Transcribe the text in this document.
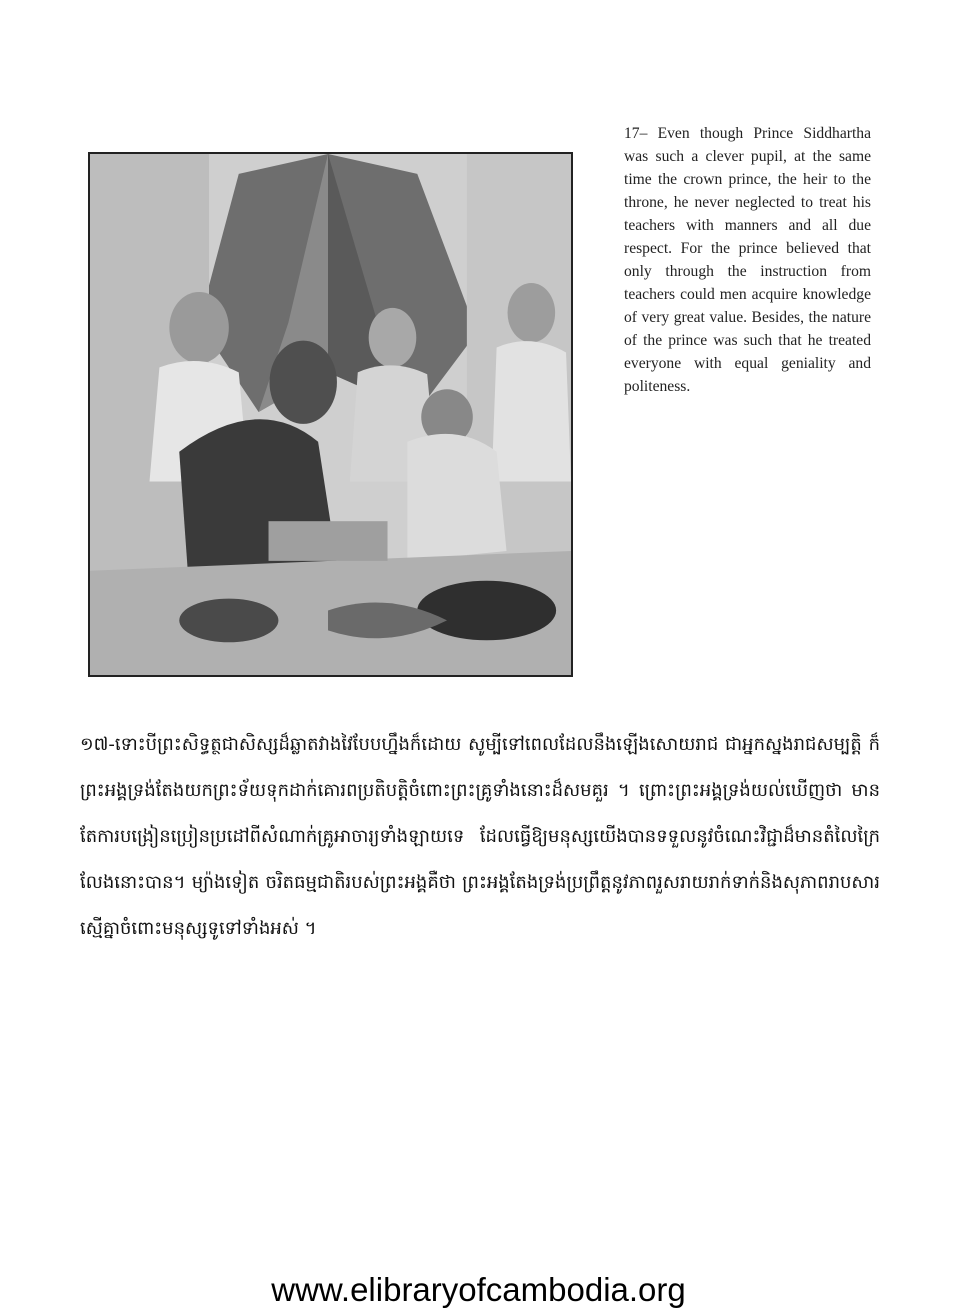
17– Even though Prince Siddhartha was such a clever pupil, at the same time the crown prince, the heir to the throne, he never neglected to treat his teachers with manners and all due respect. For the prince believed that only through the instruction from teachers could men acquire knowledge of very great value. Besides, the nature of the prince was such that he treated everyone with equal geniality and politeness.

១៧-ទោះបីព្រះសិទ្ធត្ថជាសិស្សដ៏ឆ្លាតវាងវៃបែបហ្នឹងក៏ដោយ សូម្បីទៅពេលដែលនឹងឡើងសោយរាជ ជាអ្នកស្នងរាជសម្បត្តិ ក៏ព្រះអង្គទ្រង់តែងយកព្រះទ័យទុកដាក់គោរពប្រតិបត្តិចំពោះព្រះគ្រូទាំងនោះដ៏សមគួរ ។ ព្រោះព្រះអង្គទ្រង់យល់ឃើញថា មានតែការបង្រៀនប្រៀនប្រដៅពីសំណាក់គ្រូអាចារ្យទាំងឡាយទេ ដែលធ្វើឱ្យមនុស្សយើងបានទទួលនូវចំណេះវិជ្ជាដ៏មានតំលៃក្រៃលែងនោះបាន។ ម្យ៉ាងទៀត ចរិតធម្មជាតិរបស់ព្រះអង្គគឺថា ព្រះអង្គតែងទ្រង់ប្រព្រឹត្តនូវភាពរួសរាយរាក់ទាក់និងសុភាពរាបសារស្មើគ្នាចំពោះមនុស្សទូទៅទាំងអស់ ។

www.elibraryofcambodia.org
